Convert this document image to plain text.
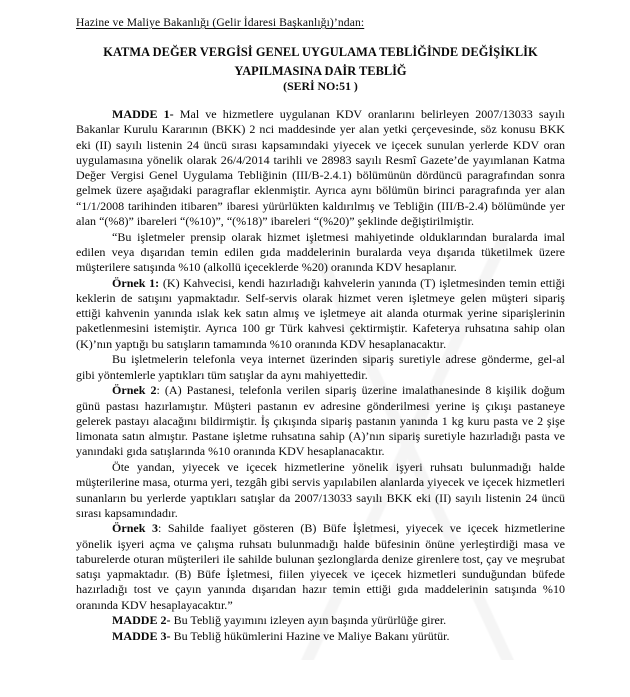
Hazine ve Maliye Bakanlığı (Gelir İdaresi Başkanlığı)’ndan:
KATMA DEĞER VERGİSİ GENEL UYGULAMA TEBLİĞİNDE DEĞİŞİKLİK
YAPILMASINA DAİR TEBLİĞ
(SERİ NO:51 )

MADDE 1- Mal ve hizmetlere uygulanan KDV oranlarını belirleyen 2007/13033 sayılı Bakanlar Kurulu Kararının (BKK) 2 nci maddesinde yer alan yetki çerçevesinde, söz konusu BKK eki (II) sayılı listenin 24 üncü sırası kapsamındaki yiyecek ve içecek sunulan yerlerde KDV oran uygulamasına yönelik olarak 26/4/2014 tarihli ve 28983 sayılı Resmî Gazete’de yayımlanan Katma Değer Vergisi Genel Uygulama Tebliğinin (III/B-2.4.1) bölümünün dördüncü paragrafından sonra gelmek üzere aşağıdaki paragraflar eklenmiştir. Ayrıca aynı bölümün birinci paragrafında yer alan “1/1/2008 tarihinden itibaren” ibaresi yürürlükten kaldırılmış ve Tebliğin (III/B-2.4) bölümünde yer alan “(%8)” ibareleri “(%10)”, “(%18)” ibareleri “(%20)” şeklinde değiştirilmiştir.

“Bu işletmeler prensip olarak hizmet işletmesi mahiyetinde olduklarından buralarda imal edilen veya dışarıdan temin edilen gıda maddelerinin buralarda veya dışarıda tüketilmek üzere müşterilere satışında %10 (alkollü içeceklerde %20) oranında KDV hesaplanır.

Örnek 1: (K) Kahvecisi, kendi hazırladığı kahvelerin yanında (T) işletmesinden temin ettiği keklerin de satışını yapmaktadır. Self-servis olarak hizmet veren işletmeye gelen müşteri sipariş ettiği kahvenin yanında ıslak kek satın almış ve işletmeye ait alanda oturmak yerine siparişlerinin paketlenmesini istemiştir. Ayrıca 100 gr Türk kahvesi çektirmiştir. Kafeterya ruhsatına sahip olan (K)’nın yaptığı bu satışların tamamında %10 oranında KDV hesaplanacaktır.

Bu işletmelerin telefonla veya internet üzerinden sipariş suretiyle adrese gönderme, gel-al gibi yöntemlerle yaptıkları tüm satışlar da aynı mahiyettedir.

Örnek 2: (A) Pastanesi, telefonla verilen sipariş üzerine imalathanesinde 8 kişilik doğum günü pastası hazırlamıştır. Müşteri pastanın ev adresine gönderilmesi yerine iş çıkışı pastaneye gelerek pastayı alacağını bildirmiştir. İş çıkışında sipariş pastanın yanında 1 kg kuru pasta ve 2 şişe limonata satın almıştır. Pastane işletme ruhsatına sahip (A)’nın sipariş suretiyle hazırladığı pasta ve yanındaki gıda satışlarında %10 oranında KDV hesaplanacaktır.

Öte yandan, yiyecek ve içecek hizmetlerine yönelik işyeri ruhsatı bulunmadığı halde müşterilerine masa, oturma yeri, tezgâh gibi servis yapılabilen alanlarda yiyecek ve içecek hizmetleri sunanların bu yerlerde yaptıkları satışlar da 2007/13033 sayılı BKK eki (II) sayılı listenin 24 üncü sırası kapsamındadır.

Örnek 3: Sahilde faaliyet gösteren (B) Büfe İşletmesi, yiyecek ve içecek hizmetlerine yönelik işyeri açma ve çalışma ruhsatı bulunmadığı halde büfesinin önüne yerleştirdiği masa ve taburelerde oturan müşterileri ile sahilde bulunan şezlonglarda denize girenlere tost, çay ve meşrubat satışı yapmaktadır. (B) Büfe İşletmesi, fiilen yiyecek ve içecek hizmetleri sunduğundan büfede hazırladığı tost ve çayın yanında dışarıdan hazır temin ettiği gıda maddelerinin satışında %10 oranında KDV hesaplayacaktır.”

MADDE 2- Bu Tebliğ yayımını izleyen ayın başında yürürlüğe girer.

MADDE 3- Bu Tebliğ hükümlerini Hazine ve Maliye Bakanı yürütür.
